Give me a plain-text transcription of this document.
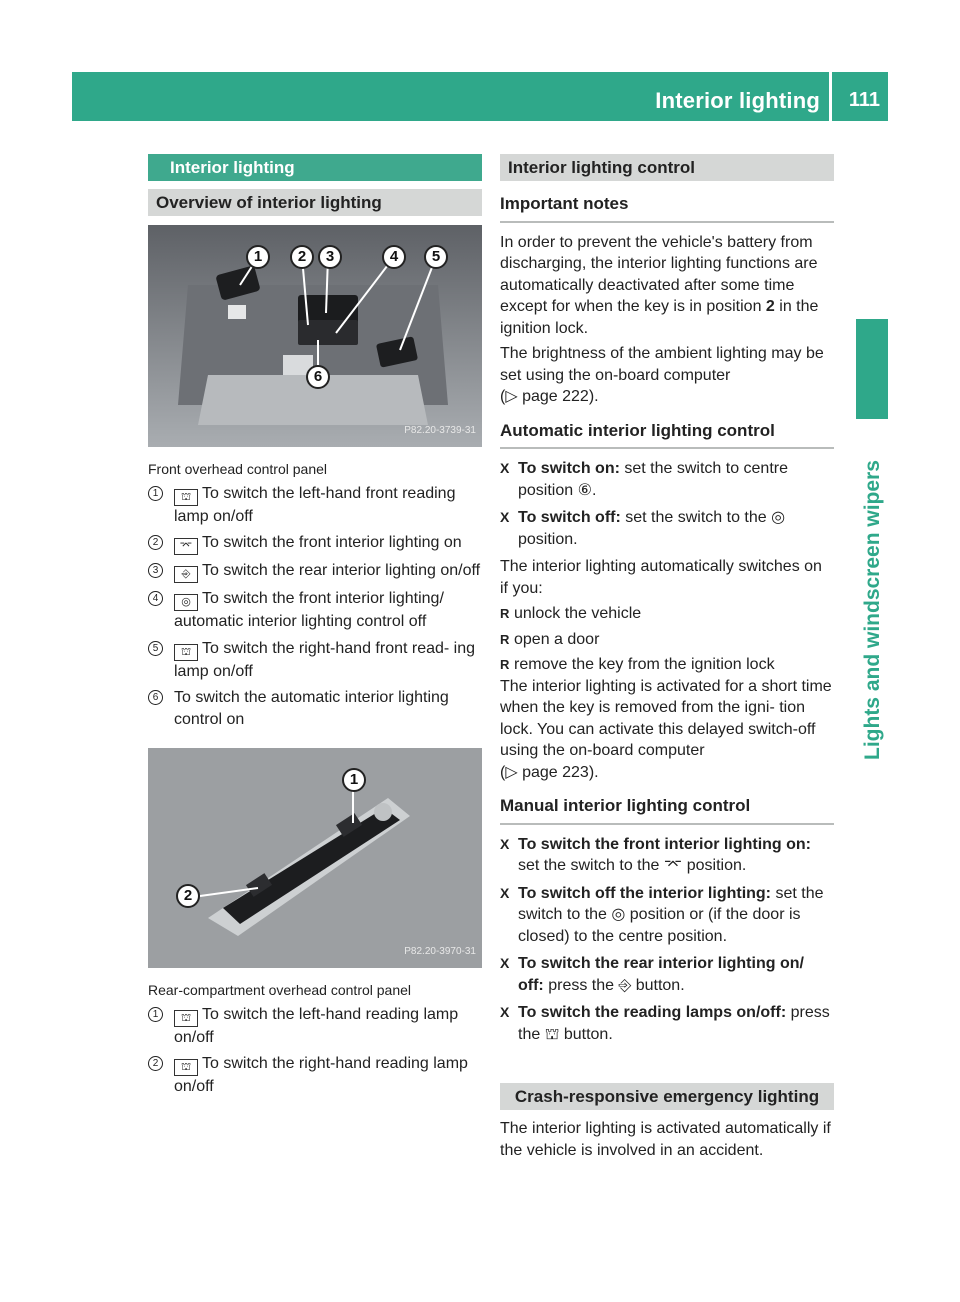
Interior lighting 111
Lights and windscreen wipers
Interior lighting
Overview of interior lighting
1	2	3	4	5
6
P82.20-3739-31
Front overhead control panel
1	⛫ To switch the left-hand front reading lamp on/off
2	⌤ To switch the front interior lighting on
3	⎆ To switch the rear interior lighting on/off
4	◎ To switch the front interior lighting/ automatic interior lighting control off
5	⛫ To switch the right-hand front read- ing lamp on/off
6 To switch the automatic interior lighting control on
1
2
P82.20-3970-31
Rear-compartment overhead control panel
1	⛫ To switch the left-hand reading lamp on/off
2	⛫ To switch the right-hand reading lamp on/off
Interior lighting control
Important notes

In order to prevent the vehicle's battery from discharging, the interior lighting functions are automatically deactivated after some time except for when the key is in position 2 in the ignition lock.

The brightness of the ambient lighting may be set using the on-board computer
(▷ page 222).

Automatic interior lighting control
X To switch on: set the switch to centre position ⑥.
X To switch off: set the switch to the ◎ position.

The interior lighting automatically switches on if you:

R unlock the vehicle
R open a door
R remove the key from the ignition lock

The interior lighting is activated for a short time when the key is removed from the igni- tion lock. You can activate this delayed switch-off using the on-board computer
(▷ page 223).

Manual interior lighting control
X To switch the front interior lighting on: set the switch to the ⌤ position.
X To switch off the interior lighting: set the switch to the ◎ position or (if the door is closed) to the centre position.
X To switch the rear interior lighting on/ off: press the ⎆ button.
X To switch the reading lamps on/off: press the ⛫ button.
Crash-responsive emergency lighting

The interior lighting is activated automatically if the vehicle is involved in an accident.
